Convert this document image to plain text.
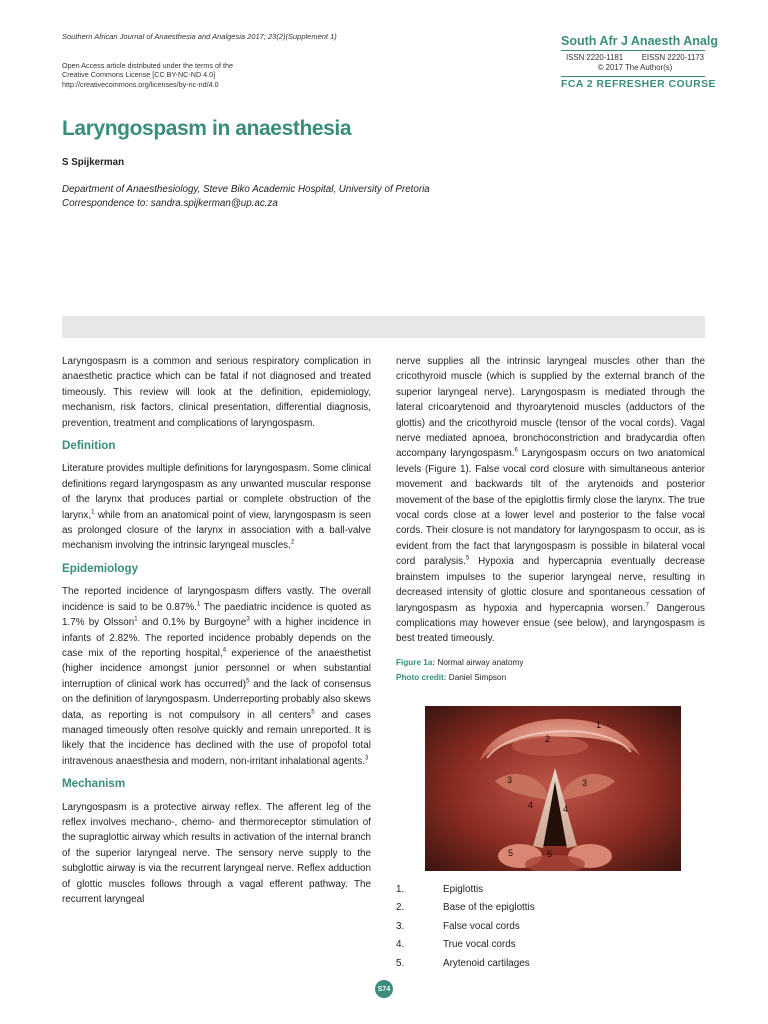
Southern African Journal of Anaesthesia and Analgesia 2017; 23(2)(Supplement 1)
Open Access article distributed under the terms of the
Creative Commons License [CC BY-NC-ND 4.0]
http://creativecommons.org/licenses/by-nc-nd/4.0
South Afr J Anaesth Analg
ISSN 2220-1181 EISSN 2220-1173
© 2017 The Author(s)
FCA 2 REFRESHER COURSE
Laryngospasm in anaesthesia
S Spijkerman
Department of Anaesthesiology, Steve Biko Academic Hospital, University of Pretoria
Correspondence to: sandra.spijkerman@up.ac.za

Laryngospasm is a common and serious respiratory complication in anaesthetic practice which can be fatal if not diagnosed and treated timeously. This review will look at the definition, epidemiology, mechanism, risk factors, clinical presentation, differential diagnosis, prevention, treatment and complications of laryngospasm.

Definition

Literature provides multiple definitions for laryngospasm. Some clinical definitions regard laryngospasm as any unwanted muscular response of the larynx that produces partial or complete obstruction of the larynx,$^1$ while from an anatomical point of view, laryngospasm is seen as prolonged closure of the larynx in association with a ball-valve mechanism involving the intrinsic laryngeal muscles.$^2$

Epidemiology

The reported incidence of laryngospasm differs vastly. The overall incidence is said to be 0.87%.$^1$ The paediatric incidence is quoted as 1.7% by Olsson$^1$ and 0.1% by Burgoyne$^3$ with a higher incidence in infants of 2.82%. The reported incidence probably depends on the case mix of the reporting hospital,$^4$ experience of the anaesthetist (higher incidence amongst junior personnel or when substantial interruption of clinical work has occurred)$^5$ and the lack of consensus on the definition of laryngospasm. Underreporting probably also skews data, as reporting is not compulsory in all centers$^5$ and cases managed timeously often resolve quickly and remain unreported. It is likely that the incidence has declined with the use of propofol total intravenous anaesthesia and modern, non-irritant inhalational agents.$^3$

Mechanism

Laryngospasm is a protective airway reflex. The afferent leg of the reflex involves mechano-, chemo- and thermoreceptor stimulation of the supraglottic airway which results in activation of the internal branch of the superior laryngeal nerve. The sensory nerve supply to the subglottic airway is via the recurrent laryngeal nerve. Reflex adduction of glottic muscles follows through a vagal efferent pathway. The recurrent laryngeal

nerve supplies all the intrinsic laryngeal muscles other than the cricothyroid muscle (which is supplied by the external branch of the superior laryngeal nerve). Laryngospasm is mediated through the lateral cricoarytenoid and thyroarytenoid muscles (adductors of the glottis) and the cricothyroid muscle (tensor of the vocal cords). Vagal nerve mediated apnoea, bronchoconstriction and bradycardia often accompany laryngospasm.$^6$ Laryngospasm occurs on two anatomical levels (Figure 1). False vocal cord closure with simultaneous anterior movement and backwards tilt of the arytenoids and posterior movement of the base of the epiglottis firmly close the larynx. The true vocal cords close at a lower level and posterior to the false vocal cords. Their closure is not mandatory for laryngospasm to occur, as is evident from the fact that laryngospasm is possible in bilateral vocal cord paralysis.$^5$ Hypoxia and hypercapnia eventually decrease brainstem impulses to the superior laryngeal nerve, resulting in decreased intensity of glottic closure and spontaneous cessation of laryngospasm as hypoxia and hypercapnia worsen.$^7$ Dangerous complications may however ensue (see below), and laryngospasm is best treated timeously.

Figure 1a: Normal airway anatomy
Photo credit: Daniel Simpson
1
2
3	3
4	4
5	5
1.	Epiglottis
2.	Base of the epiglottis
3.	False vocal cords
4.	True vocal cords
5.	Arytenoid cartilages
S74
